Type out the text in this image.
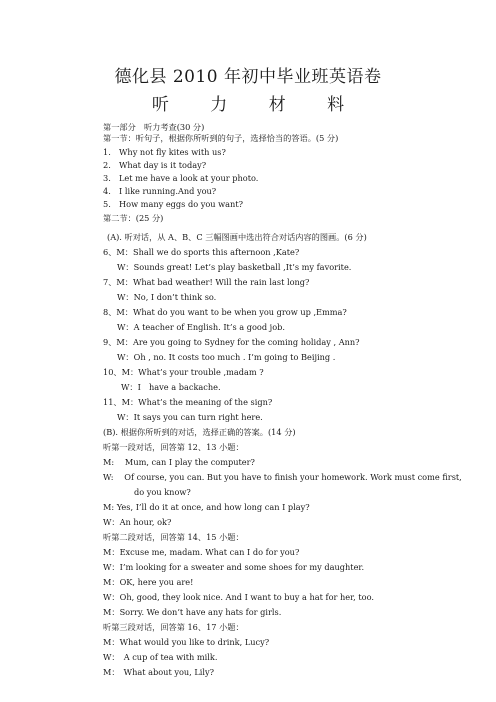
德化县 2010 年初中毕业班英语卷
听 力 材 料
第一部分　听力考查(30 分)
第一节：听句子，根据你所听到的句子，选择恰当的答语。(5 分)
1.　Why not fly kites with us?
2.　What day is it today?
3.　Let me have a look at your photo.
4.　I like running.And you?
5.　How many eggs do you want?
第二节：(25 分)
(A). 听对话，从 A、B、C 三幅图画中选出符合对话内容的图画。(6 分)
6、M：Shall we do sports this afternoon ,Kate?
W：Sounds great! Let’s play basketball ,It’s my favorite.
7、M：What bad weather! Will the rain last long?
W：No, I don’t think so.
8、M：What do you want to be when you grow up ,Emma?
W：A teacher of English. It’s a good job.
9、M：Are you going to Sydney for the coming holiday , Ann?
W：Oh , no. It costs too much . I’m going to Beijing .
10、M：What’s your trouble ,madam ?
W：I　have a backache.
11、M：What’s the meaning of the sign?
W：It says you can turn right here.
(B). 根据你所听到的对话，选择正确的答案。(14 分)
听第一段对话，回答第 12、13 小题：
M:　 Mum, can I play the computer?
W:　 Of course, you can. But you have to finish your homework. Work must come first,
do you know?
M: Yes, I’ll do it at once, and how long can I play?
W：An hour, ok?
听第二段对话，回答第 14、15 小题：
M：Excuse me, madam. What can I do for you?
W：I’m looking for a sweater and some shoes for my daughter.
M：OK, here you are!
W：Oh, good, they look nice. And I want to buy a hat for her, too.
M：Sorry. We don’t have any hats for girls.
听第三段对话，回答第 16、17 小题：
M：What would you like to drink, Lucy?
W：　A cup of tea with milk.
M：　What about you, Lily?
